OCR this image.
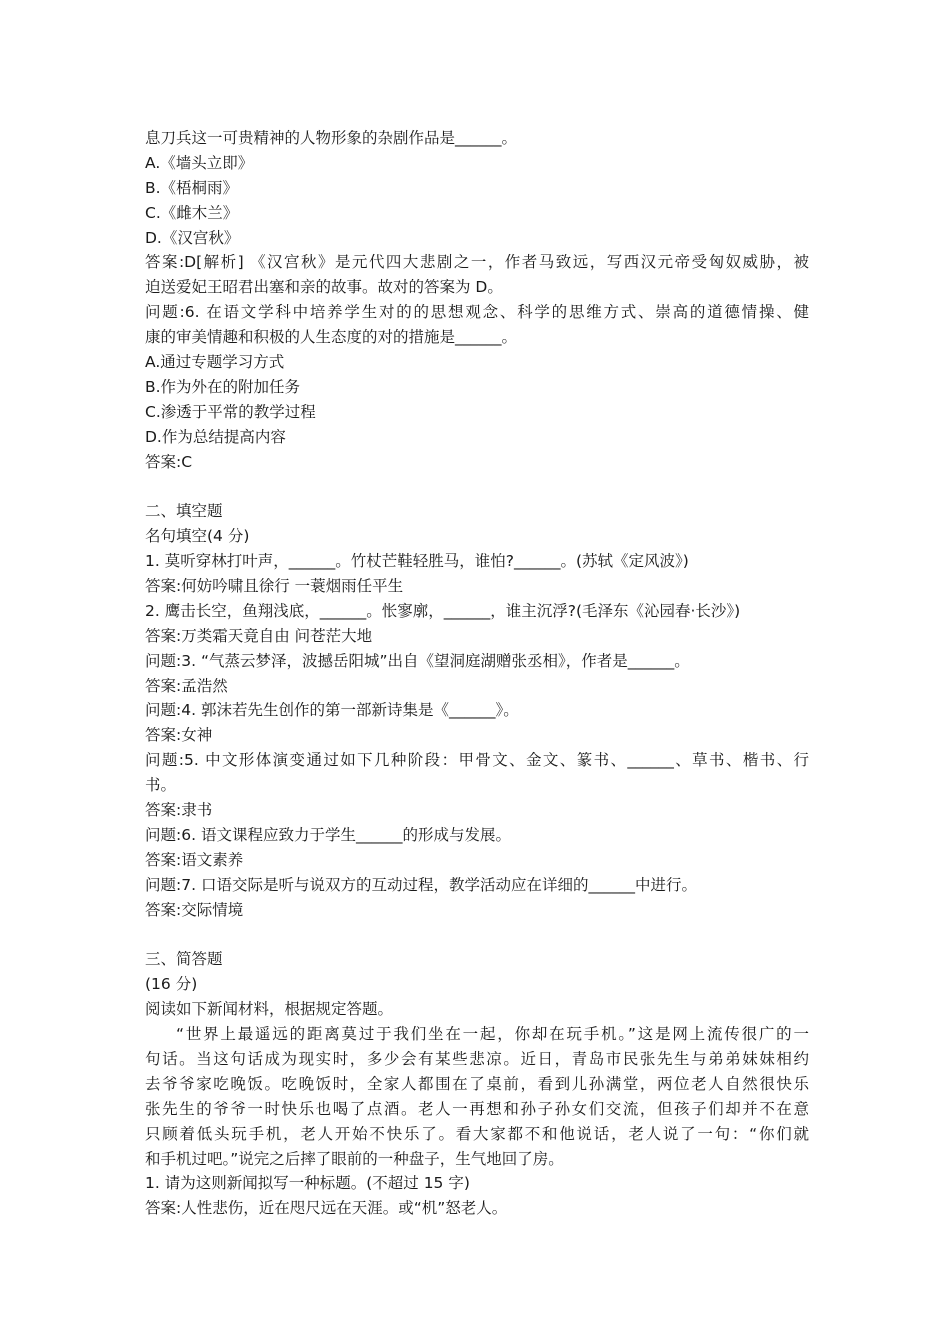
息刀兵这一可贵精神的人物形象的杂剧作品是______。
A.《墙头立即》
B.《梧桐雨》
C.《雌木兰》
D.《汉宫秋》
答案:D[解析] 《汉宫秋》是元代四大悲剧之一，作者马致远，写西汉元帝受匈奴威胁，被
迫送爱妃王昭君出塞和亲的故事。故对的答案为 D。
问题:6. 在语文学科中培养学生对的的思想观念、科学的思维方式、崇高的道德情操、健
康的审美情趣和积极的人生态度的对的措施是______。
A.通过专题学习方式
B.作为外在的附加任务
C.渗透于平常的教学过程
D.作为总结提高内容
答案:C
二、填空题
名句填空(4 分)
1. 莫听穿林打叶声，______。竹杖芒鞋轻胜马，谁怕?______。(苏轼《定风波》)
答案:何妨吟啸且徐行 一蓑烟雨任平生
2. 鹰击长空，鱼翔浅底，______。怅寥廓，______，谁主沉浮?(毛泽东《沁园春·长沙》)
答案:万类霜天竟自由 问苍茫大地
问题:3. “气蒸云梦泽，波撼岳阳城”出自《望洞庭湖赠张丞相》，作者是______。
答案:孟浩然
问题:4. 郭沫若先生创作的第一部新诗集是《______》。
答案:女神
问题:5. 中文形体演变通过如下几种阶段：甲骨文、金文、篆书、______、草书、楷书、行
书。
答案:隶书
问题:6. 语文课程应致力于学生______的形成与发展。
答案:语文素养
问题:7. 口语交际是听与说双方的互动过程，教学活动应在详细的______中进行。
答案:交际情境
三、简答题
(16 分)
阅读如下新闻材料，根据规定答题。
“世界上最遥远的距离莫过于我们坐在一起，你却在玩手机。”这是网上流传很广的一
句话。当这句话成为现实时，多少会有某些悲凉。近日，青岛市民张先生与弟弟妹妹相约
去爷爷家吃晚饭。吃晚饭时，全家人都围在了桌前，看到儿孙满堂，两位老人自然很快乐
张先生的爷爷一时快乐也喝了点酒。老人一再想和孙子孙女们交流，但孩子们却并不在意
只顾着低头玩手机，老人开始不快乐了。看大家都不和他说话，老人说了一句：“你们就
和手机过吧。”说完之后摔了眼前的一种盘子，生气地回了房。
1. 请为这则新闻拟写一种标题。(不超过 15 字)
答案:人性悲伤，近在咫尺远在天涯。或“机”怒老人。
